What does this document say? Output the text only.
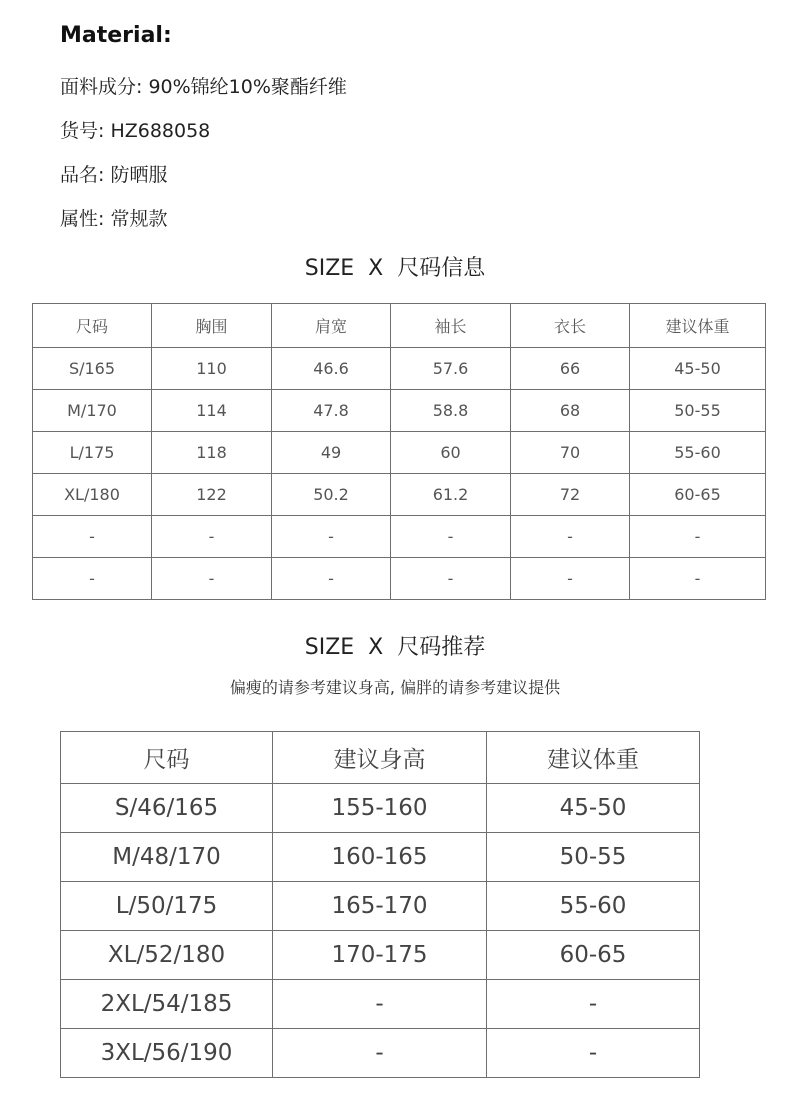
Material:
面料成分: 90%锦纶10%聚酯纤维
货号: HZ688058
品名: 防晒服
属性: 常规款
SIZE  X  尺码信息
尺码	胸围	肩宽	袖长	衣长	建议体重
S/165	110	46.6	57.6	66	45-50
M/170	114	47.8	58.8	68	50-55
L/175	118	49	60	70	55-60
XL/180	122	50.2	61.2	72	60-65
-	-	-	-	-	-
-	-	-	-	-	-
SIZE  X  尺码推荐
偏瘦的请参考建议身高, 偏胖的请参考建议提供
尺码	建议身高	建议体重
S/46/165	155-160	45-50
M/48/170	160-165	50-55
L/50/175	165-170	55-60
XL/52/180	170-175	60-65
2XL/54/185	-	-
3XL/56/190	-	-
